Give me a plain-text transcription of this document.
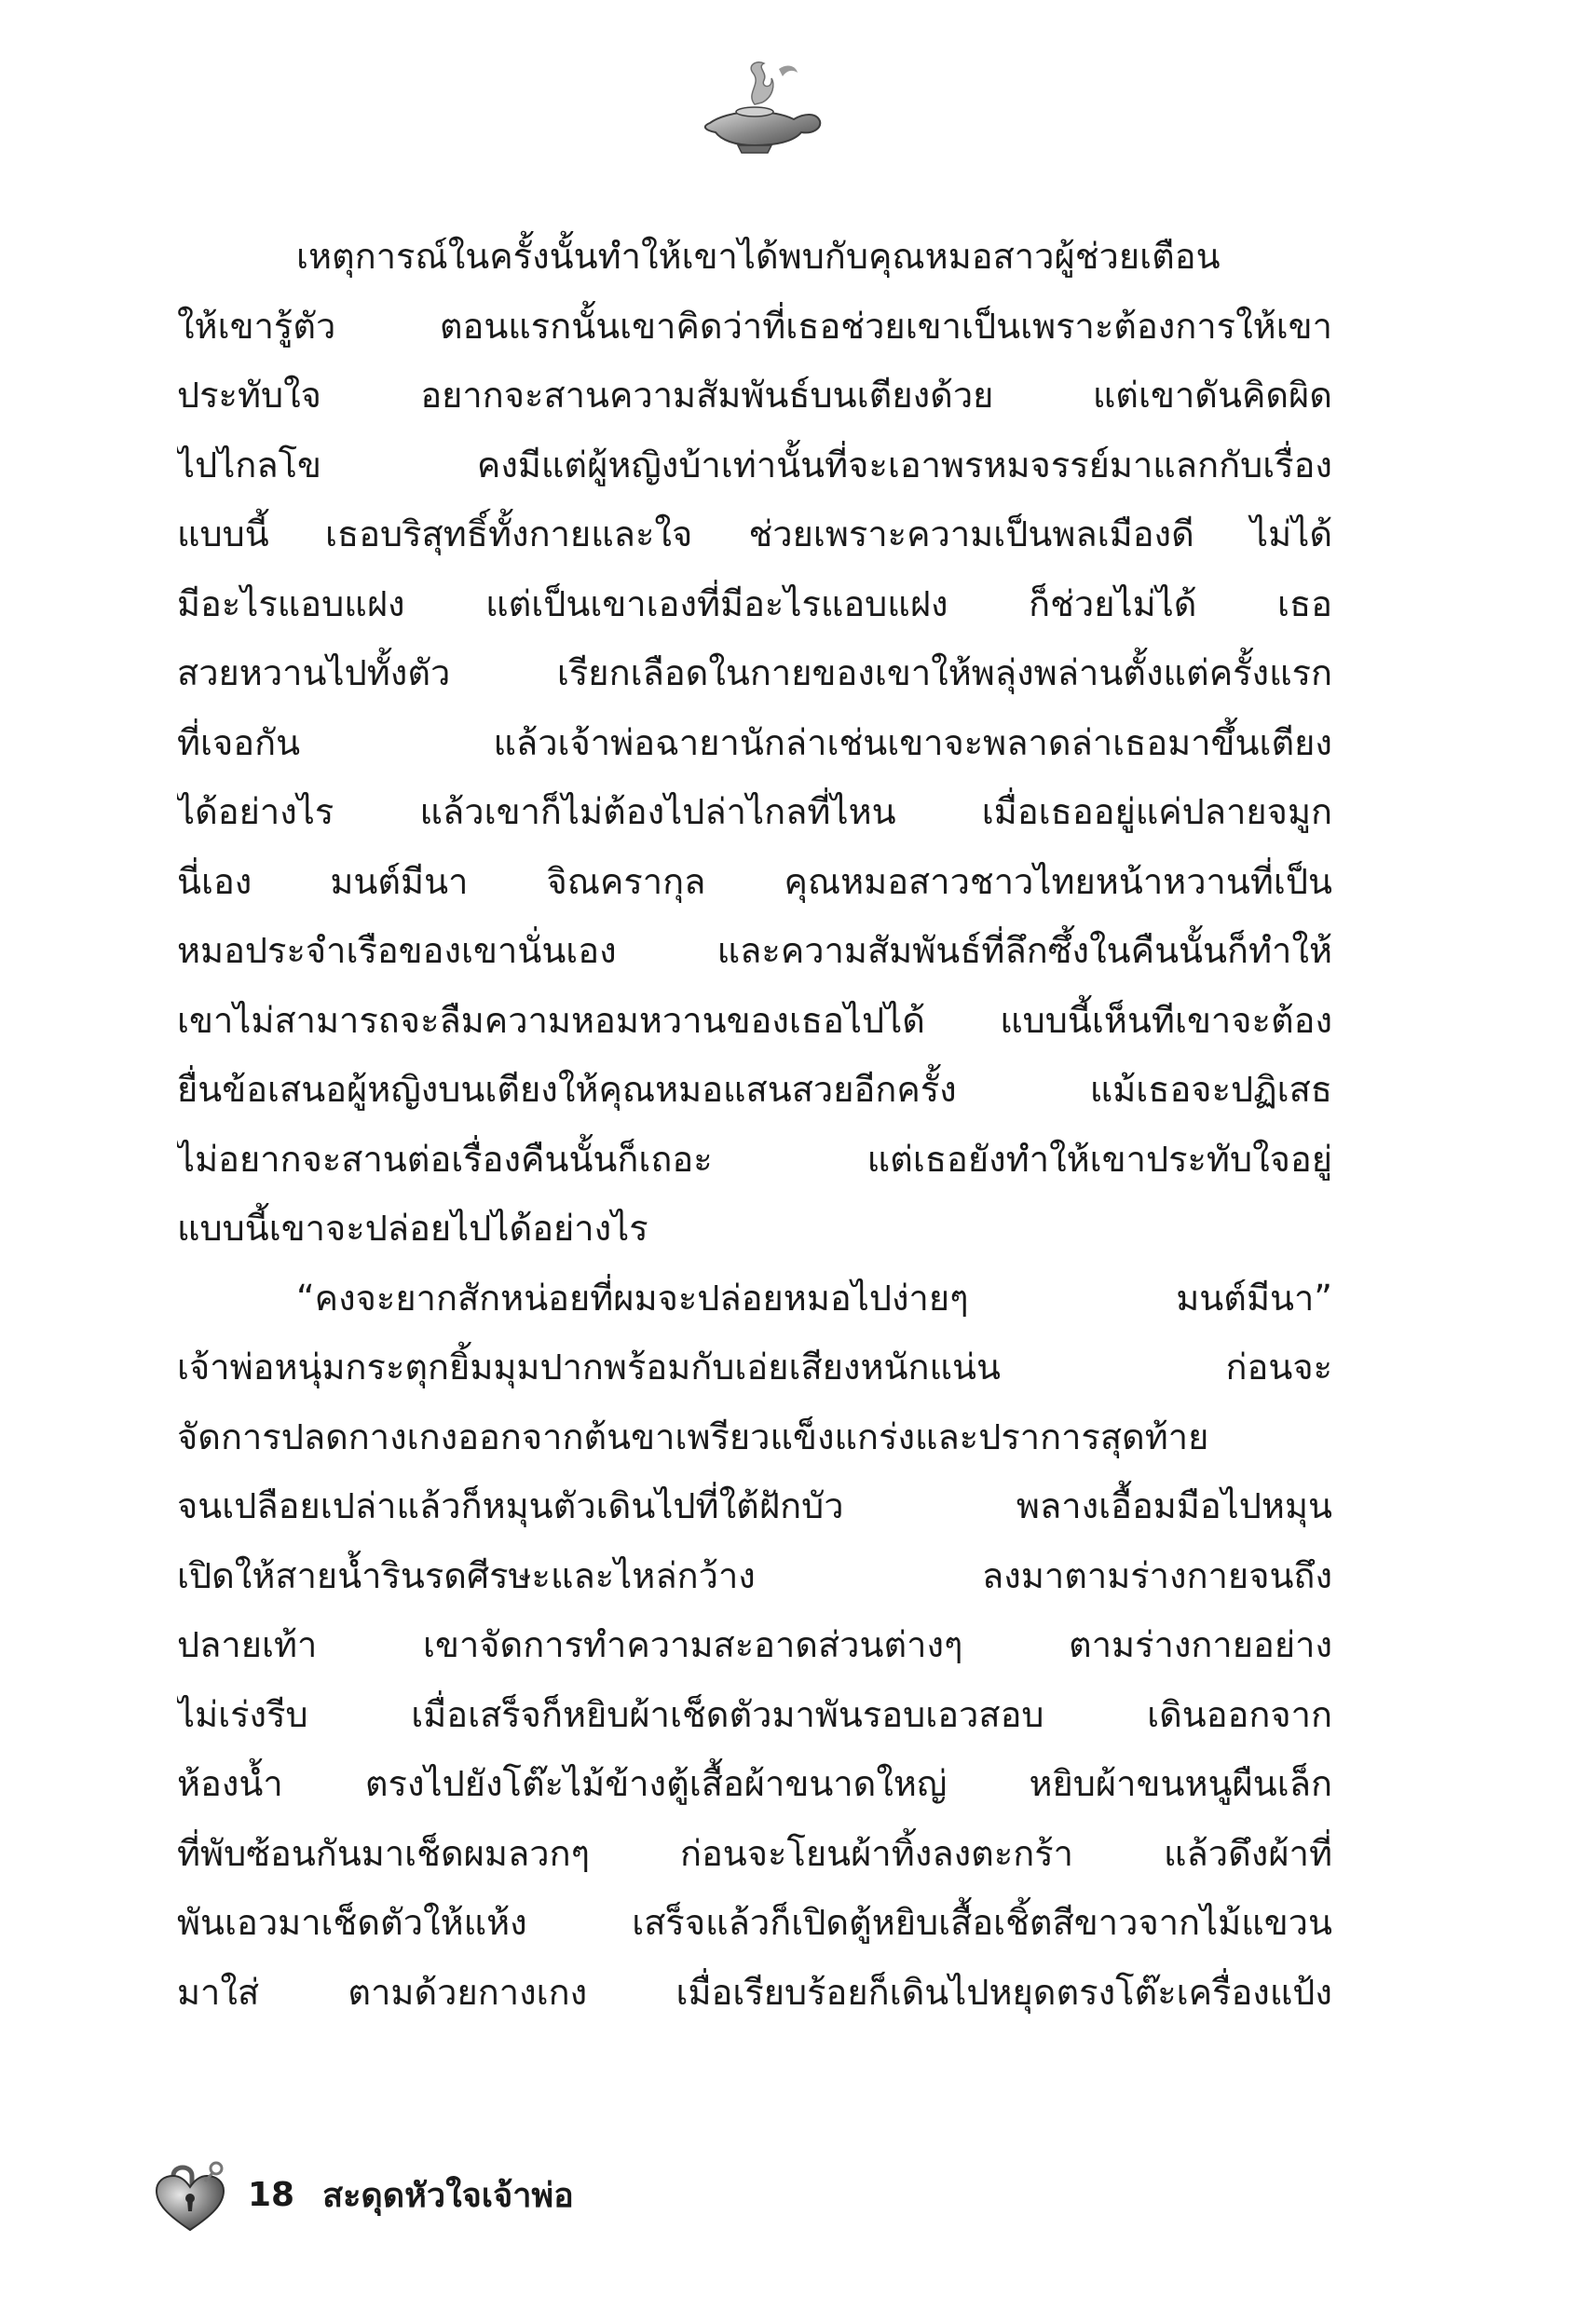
เหตุการณ์ในครั้งนั้นทำให้เขาได้พบกับคุณหมอสาวผู้ช่วยเตือน
ให้เขารู้ตัว ตอนแรกนั้นเขาคิดว่าที่เธอช่วยเขาเป็นเพราะต้องการให้เขา
ประทับใจ อยากจะสานความสัมพันธ์บนเตียงด้วย แต่เขาดันคิดผิด
ไปไกลโข คงมีแต่ผู้หญิงบ้าเท่านั้นที่จะเอาพรหมจรรย์มาแลกกับเรื่อง
แบบนี้ เธอบริสุทธิ์ทั้งกายและใจ ช่วยเพราะความเป็นพลเมืองดี ไม่ได้
มีอะไรแอบแฝง แต่เป็นเขาเองที่มีอะไรแอบแฝง ก็ช่วยไม่ได้ เธอ
สวยหวานไปทั้งตัว เรียกเลือดในกายของเขาให้พลุ่งพล่านตั้งแต่ครั้งแรก
ที่เจอกัน แล้วเจ้าพ่อฉายานักล่าเช่นเขาจะพลาดล่าเธอมาขึ้นเตียง
ได้อย่างไร แล้วเขาก็ไม่ต้องไปล่าไกลที่ไหน เมื่อเธออยู่แค่ปลายจมูก
นี่เอง มนต์มีนา จิณครากุล คุณหมอสาวชาวไทยหน้าหวานที่เป็น
หมอประจำเรือของเขานั่นเอง และความสัมพันธ์ที่ลึกซึ้งในคืนนั้นก็ทำให้
เขาไม่สามารถจะลืมความหอมหวานของเธอไปได้ แบบนี้เห็นทีเขาจะต้อง
ยื่นข้อเสนอผู้หญิงบนเตียงให้คุณหมอแสนสวยอีกครั้ง แม้เธอจะปฏิเสธ
ไม่อยากจะสานต่อเรื่องคืนนั้นก็เถอะ แต่เธอยังทำให้เขาประทับใจอยู่
แบบนี้เขาจะปล่อยไปได้อย่างไร
“คงจะยากสักหน่อยที่ผมจะปล่อยหมอไปง่ายๆ มนต์มีนา”
เจ้าพ่อหนุ่มกระตุกยิ้มมุมปากพร้อมกับเอ่ยเสียงหนักแน่น ก่อนจะ
จัดการปลดกางเกงออกจากต้นขาเพรียวแข็งแกร่งและปราการสุดท้าย
จนเปลือยเปล่าแล้วก็หมุนตัวเดินไปที่ใต้ฝักบัว พลางเอื้อมมือไปหมุน
เปิดให้สายน้ำรินรดศีรษะและไหล่กว้าง ลงมาตามร่างกายจนถึง
ปลายเท้า เขาจัดการทำความสะอาดส่วนต่างๆ ตามร่างกายอย่าง
ไม่เร่งรีบ เมื่อเสร็จก็หยิบผ้าเช็ดตัวมาพันรอบเอวสอบ เดินออกจาก
ห้องน้ำ ตรงไปยังโต๊ะไม้ข้างตู้เสื้อผ้าขนาดใหญ่ หยิบผ้าขนหนูผืนเล็ก
ที่พับซ้อนกันมาเช็ดผมลวกๆ ก่อนจะโยนผ้าทิ้งลงตะกร้า แล้วดึงผ้าที่
พันเอวมาเช็ดตัวให้แห้ง เสร็จแล้วก็เปิดตู้หยิบเสื้อเชิ้ตสีขาวจากไม้แขวน
มาใส่ ตามด้วยกางเกง เมื่อเรียบร้อยก็เดินไปหยุดตรงโต๊ะเครื่องแป้ง
18 สะดุดหัวใจเจ้าพ่อ
